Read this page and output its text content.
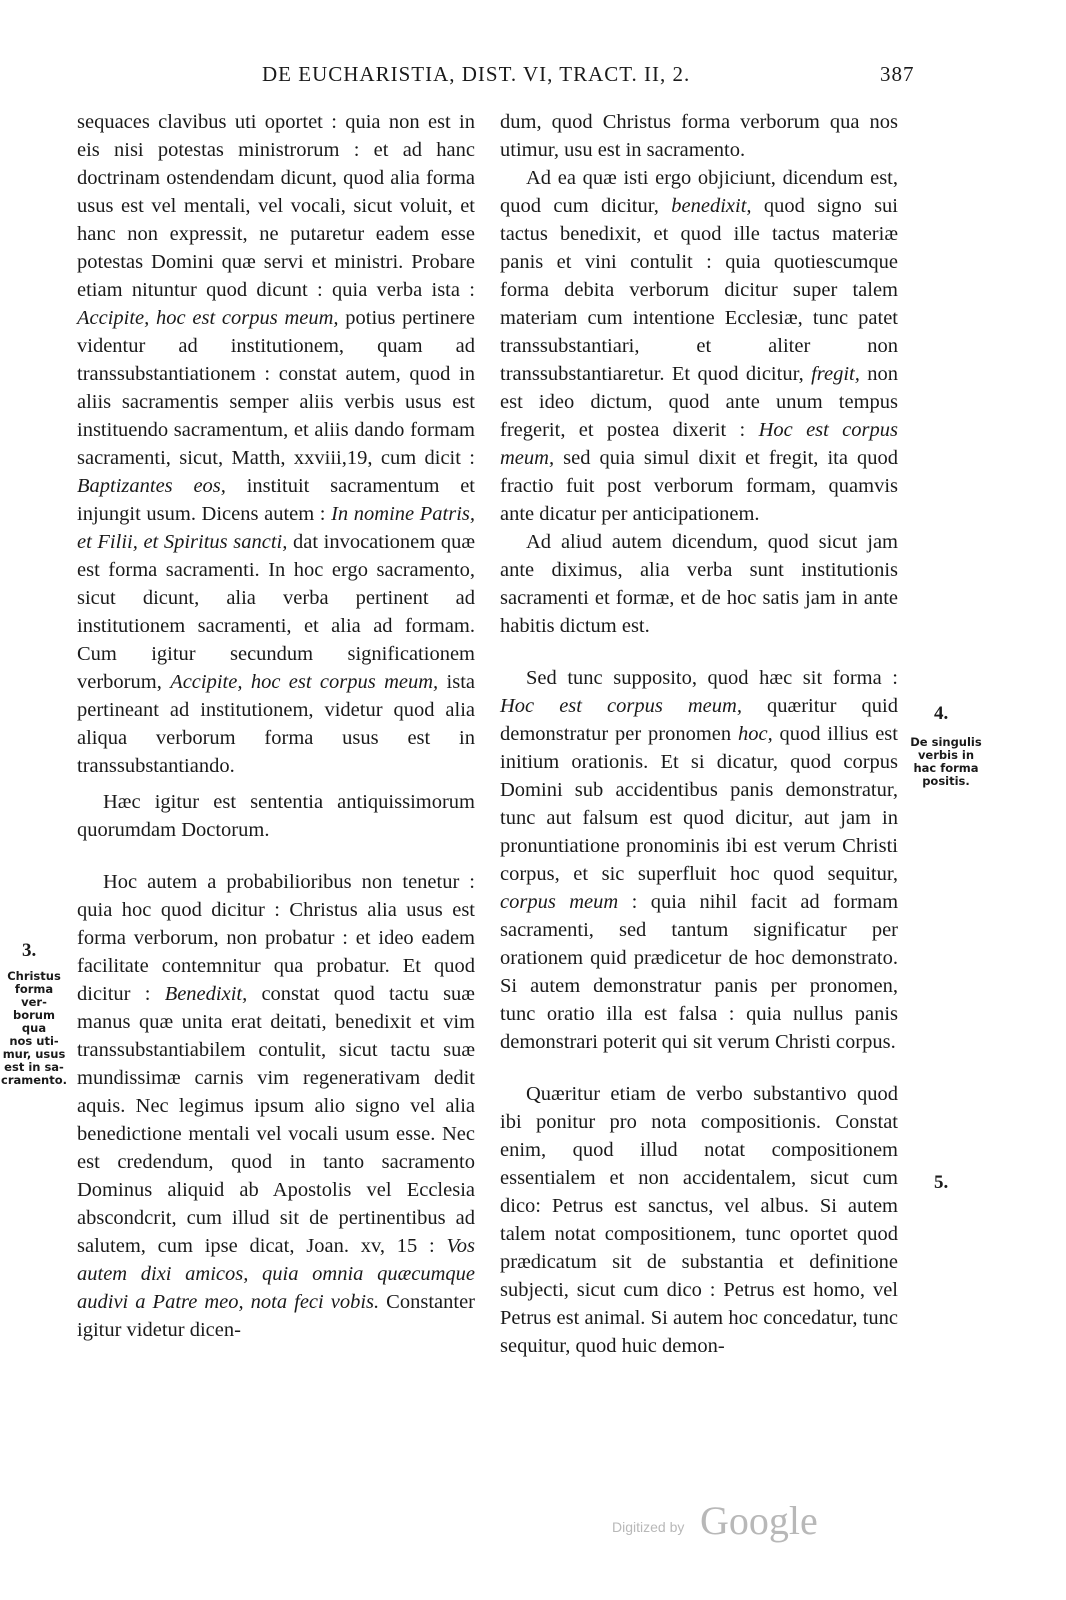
DE EUCHARISTIA, DIST. VI, TRACT. II, 2.	387

sequaces clavibus uti oportet : quia non est in eis nisi potestas ministrorum : et ad hanc doctrinam ostendendam dicunt, quod alia forma usus est vel mentali, vel vocali, sicut voluit, et hanc non expressit, ne putaretur eadem esse potestas Domini quæ servi et ministri. Probare etiam nituntur quod dicunt : quia verba ista : Accipite, hoc est corpus meum, potius pertinere videntur ad institutionem, quam ad transsubstantiationem : constat autem, quod in aliis sacramentis semper aliis verbis usus est instituendo sacramentum, et aliis dando formam sacramenti, sicut, Matth, xxviii,19, cum dicit : Baptizantes eos, instituit sacramentum et injungit usum. Dicens autem : In nomine Patris, et Filii, et Spiritus sancti, dat invocationem quæ est forma sacramenti. In hoc ergo sacramento, sicut dicunt, alia verba pertinent ad institutionem sacramenti, et alia ad formam. Cum igitur secundum significationem verborum, Accipite, hoc est corpus meum, ista pertineant ad institutionem, videtur quod alia aliqua verborum forma usus est in transsubstantiando.

Hæc igitur est sententia antiquissimorum quorumdam Doctorum.

Hoc autem a probabilioribus non tenetur : quia hoc quod dicitur : Christus alia usus est forma verborum, non probatur : et ideo eadem facilitate contemnitur qua probatur. Et quod dicitur : Benedixit, constat quod tactu suæ manus quæ unita erat deitati, benedixit et vim transsubstantiabilem contulit, sicut tactu suæ mundissimæ carnis vim regenerativam dedit aquis. Nec legimus ipsum alio signo vel alia benedictione mentali vel vocali usum esse. Nec est credendum, quod in tanto sacramento Dominus aliquid ab Apostolis vel Ecclesia abscondcrit, cum illud sit de pertinentibus ad salutem, cum ipse dicat, Joan. xv, 15 : Vos autem dixi amicos, quia omnia quæcumque audivi a Patre meo, nota feci vobis. Constanter igitur videtur dicen-

dum, quod Christus forma verborum qua nos utimur, usu est in sacramento.

Ad ea quæ isti ergo objiciunt, dicendum est, quod cum dicitur, benedixit, quod signo sui tactus benedixit, et quod ille tactus materiæ panis et vini contulit : quia quotiescumque forma debita verborum dicitur super talem materiam cum intentione Ecclesiæ, tunc patet transsubstantiari, et aliter non transsubstantiaretur. Et quod dicitur, fregit, non est ideo dictum, quod ante unum tempus fregerit, et postea dixerit : Hoc est corpus meum, sed quia simul dixit et fregit, ita quod fractio fuit post verborum formam, quamvis ante dicatur per anticipationem.

Ad aliud autem dicendum, quod sicut jam ante diximus, alia verba sunt institutionis sacramenti et formæ, et de hoc satis jam in ante habitis dictum est.

Sed tunc supposito, quod hæc sit forma : Hoc est corpus meum, quæritur quid demonstratur per pronomen hoc, quod illius est initium orationis. Et si dicatur, quod corpus Domini sub accidentibus panis demonstratur, tunc aut falsum est quod dicitur, aut jam in pronuntiatione pronominis ibi est verum Christi corpus, et sic superfluit hoc quod sequitur, corpus meum : quia nihil facit ad formam sacramenti, sed tantum significatur per orationem quid prædicetur de hoc demonstrato. Si autem demonstratur panis per pronomen, tunc oratio illa est falsa : quia nullus panis demonstrari poterit qui sit verum Christi corpus.

Quæritur etiam de verbo substantivo quod ibi ponitur pro nota compositionis. Constat enim, quod illud notat compositionem essentialem et non accidentalem, sicut cum dico: Petrus est sanctus, vel albus. Si autem talem notat compositionem, tunc oportet quod prædicatum sit de substantia et definitione subjecti, sicut cum dico : Petrus est homo, vel Petrus est animal. Si autem hoc concedatur, tunc sequitur, quod huic demon-

3.
Christus
forma ver-
borum qua
nos uti-
mur, usus
est in sa-
cramento.
4.
De singulis
verbis in
hac forma
positis.
5.
Digitized by Google
